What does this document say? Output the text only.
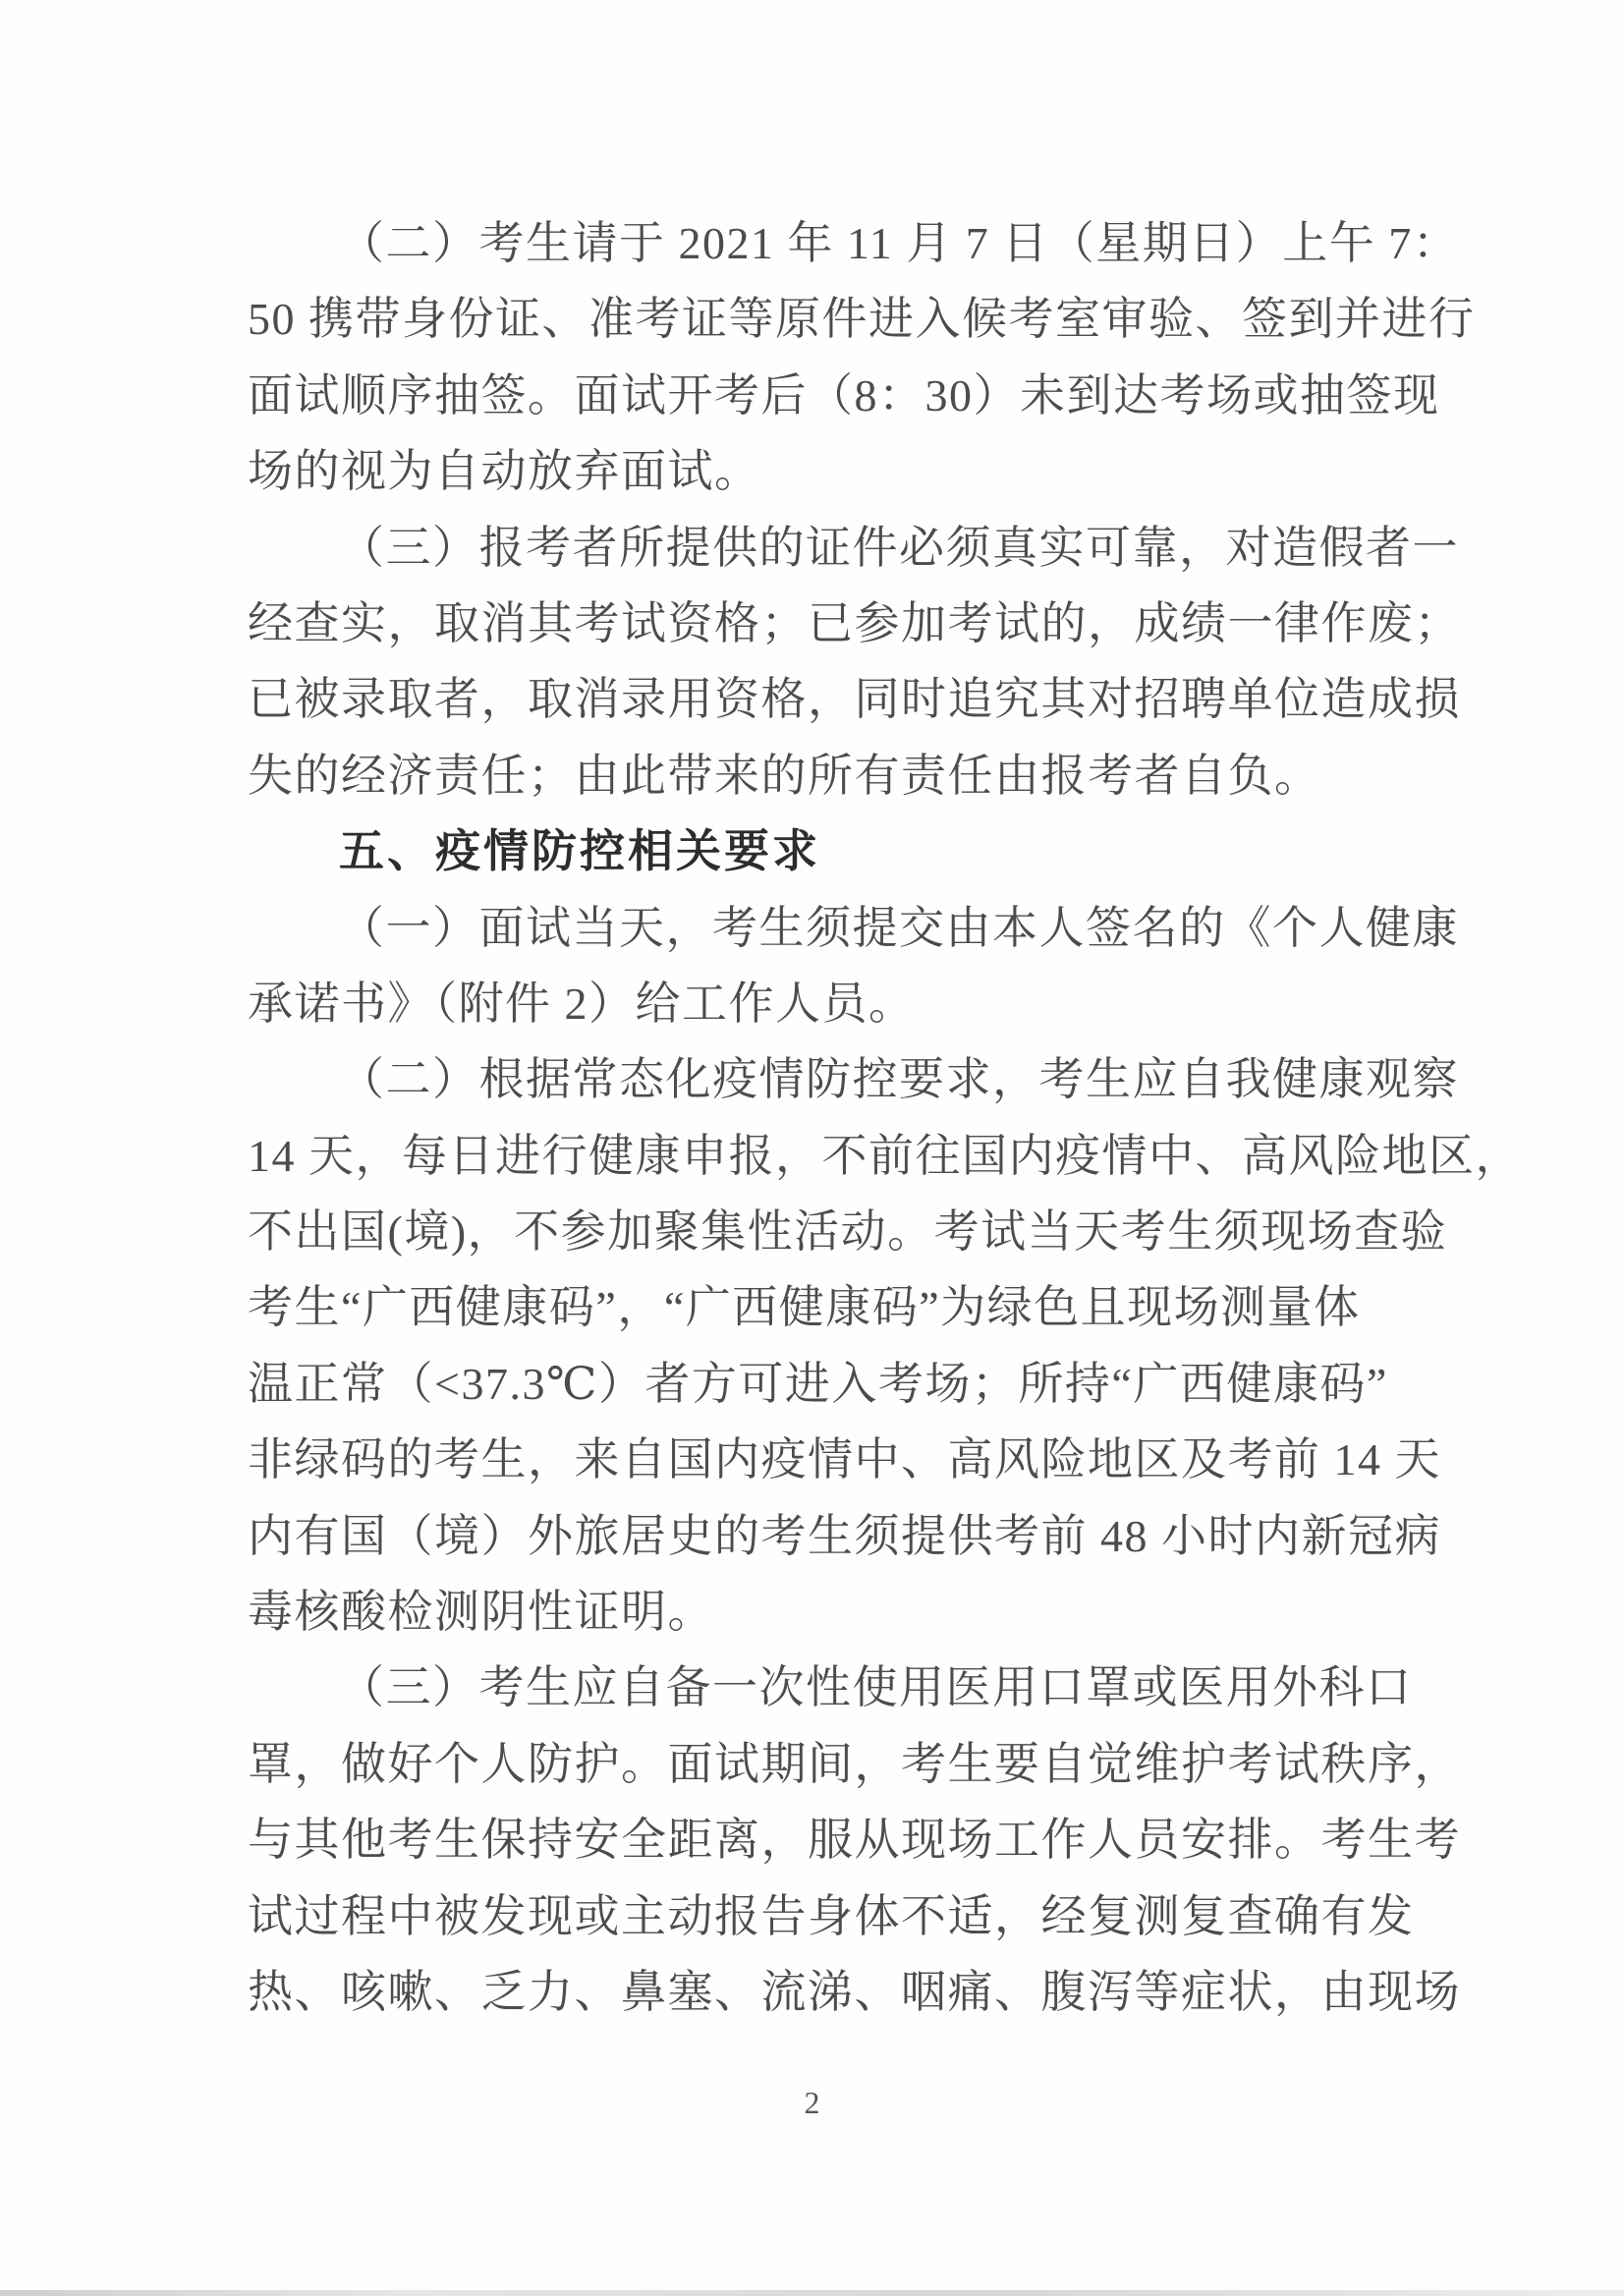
（二）考生请于 2021 年 11 月 7 日（星期日）上午 7：
50 携带身份证、准考证等原件进入候考室审验、签到并进行
面试顺序抽签。面试开考后（8：30）未到达考场或抽签现
场的视为自动放弃面试。
（三）报考者所提供的证件必须真实可靠，对造假者一
经查实，取消其考试资格；已参加考试的，成绩一律作废；
已被录取者，取消录用资格，同时追究其对招聘单位造成损
失的经济责任；由此带来的所有责任由报考者自负。
五、疫情防控相关要求
（一）面试当天，考生须提交由本人签名的《个人健康
承诺书》（附件 2）给工作人员。
（二）根据常态化疫情防控要求，考生应自我健康观察
14 天，每日进行健康申报，不前往国内疫情中、高风险地区，
不出国(境)，不参加聚集性活动。考试当天考生须现场查验
考生“广西健康码”，“广西健康码”为绿色且现场测量体
温正常（<37.3℃）者方可进入考场；所持“广西健康码”
非绿码的考生，来自国内疫情中、高风险地区及考前 14 天
内有国（境）外旅居史的考生须提供考前 48 小时内新冠病
毒核酸检测阴性证明。
（三）考生应自备一次性使用医用口罩或医用外科口
罩，做好个人防护。面试期间，考生要自觉维护考试秩序，
与其他考生保持安全距离，服从现场工作人员安排。考生考
试过程中被发现或主动报告身体不适，经复测复查确有发
热、咳嗽、乏力、鼻塞、流涕、咽痛、腹泻等症状，由现场
2
